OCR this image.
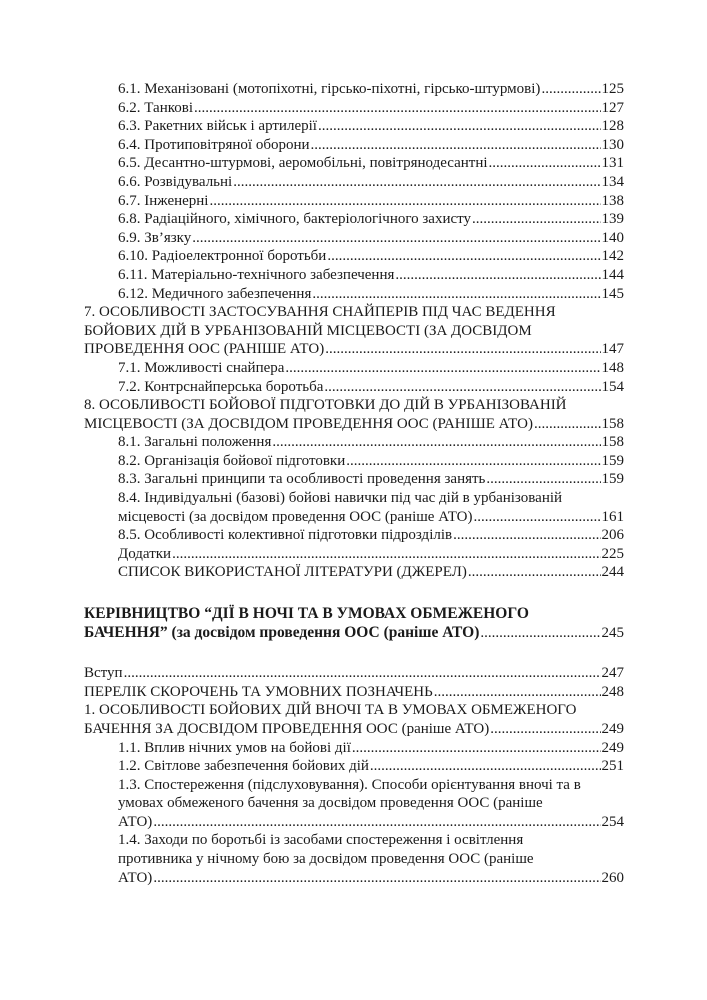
6.1. Механізовані (мотопіхотні, гірсько-піхотні, гірсько-штурмові) .....	125
6.2. Танкові .....	127
6.3. Ракетних військ і артилерії .....	128
6.4. Протиповітряної оборони .....	130
6.5. Десантно-штурмові, аеромобільні, повітрянодесантні .....	131
6.6. Розвідувальні .....	134
6.7. Інженерні .....	138
6.8. Радіаційного, хімічного, бактеріологічного захисту .....	139
6.9. Зв’язку .....	140
6.10. Радіоелектронної боротьби .....	142
6.11. Матеріально-технічного забезпечення .....	144
6.12. Медичного забезпечення .....	145
7. ОСОБЛИВОСТІ ЗАСТОСУВАННЯ СНАЙПЕРІВ ПІД ЧАС ВЕДЕННЯ
БОЙОВИХ ДІЙ В УРБАНІЗОВАНІЙ МІСЦЕВОСТІ (ЗА ДОСВІДОМ
ПРОВЕДЕННЯ ООС (РАНІШЕ АТО) .....	147
7.1. Можливості снайпера .....	148
7.2. Контрснайперська боротьба .....	154
8. ОСОБЛИВОСТІ БОЙОВОЇ ПІДГОТОВКИ ДО ДІЙ В УРБАНІЗОВАНІЙ
МІСЦЕВОСТІ (ЗА ДОСВІДОМ ПРОВЕДЕННЯ ООС (РАНІШЕ АТО) .....	158
8.1. Загальні положення .....	158
8.2. Організація бойової підготовки .....	159
8.3. Загальні принципи та особливості проведення занять .....	159
8.4. Індивідуальні (базові) бойові навички під час дій в урбанізованій
місцевості (за досвідом проведення ООС (раніше АТО) .....	161
8.5. Особливості колективної підготовки підрозділів .....	206
Додатки .....	225
СПИСОК ВИКОРИСТАНОЇ ЛІТЕРАТУРИ (ДЖЕРЕЛ) .....	244
КЕРІВНИЦТВО “ДІЇ В НОЧІ ТА В УМОВАХ ОБМЕЖЕНОГО
БАЧЕННЯ” (за досвідом проведення ООС (раніше АТО) .....	245
Вступ .....	247
ПЕРЕЛІК СКОРОЧЕНЬ ТА УМОВНИХ ПОЗНАЧЕНЬ .....	248
1. ОСОБЛИВОСТІ БОЙОВИХ ДІЙ ВНОЧІ ТА В УМОВАХ ОБМЕЖЕНОГО
БАЧЕННЯ ЗА ДОСВІДОМ ПРОВЕДЕННЯ ООС (раніше АТО) .....	249
1.1. Вплив нічних умов на бойові дії .....	249
1.2. Світлове забезпечення бойових дій .....	251
1.3. Спостереження (підслуховування). Способи орієнтування вночі та в
умовах обмеженого бачення за досвідом проведення ООС (раніше
АТО) .....	254
1.4. Заходи по боротьбі із засобами спостереження і освітлення
противника у нічному бою за досвідом проведення ООС (раніше
АТО) .....	260
